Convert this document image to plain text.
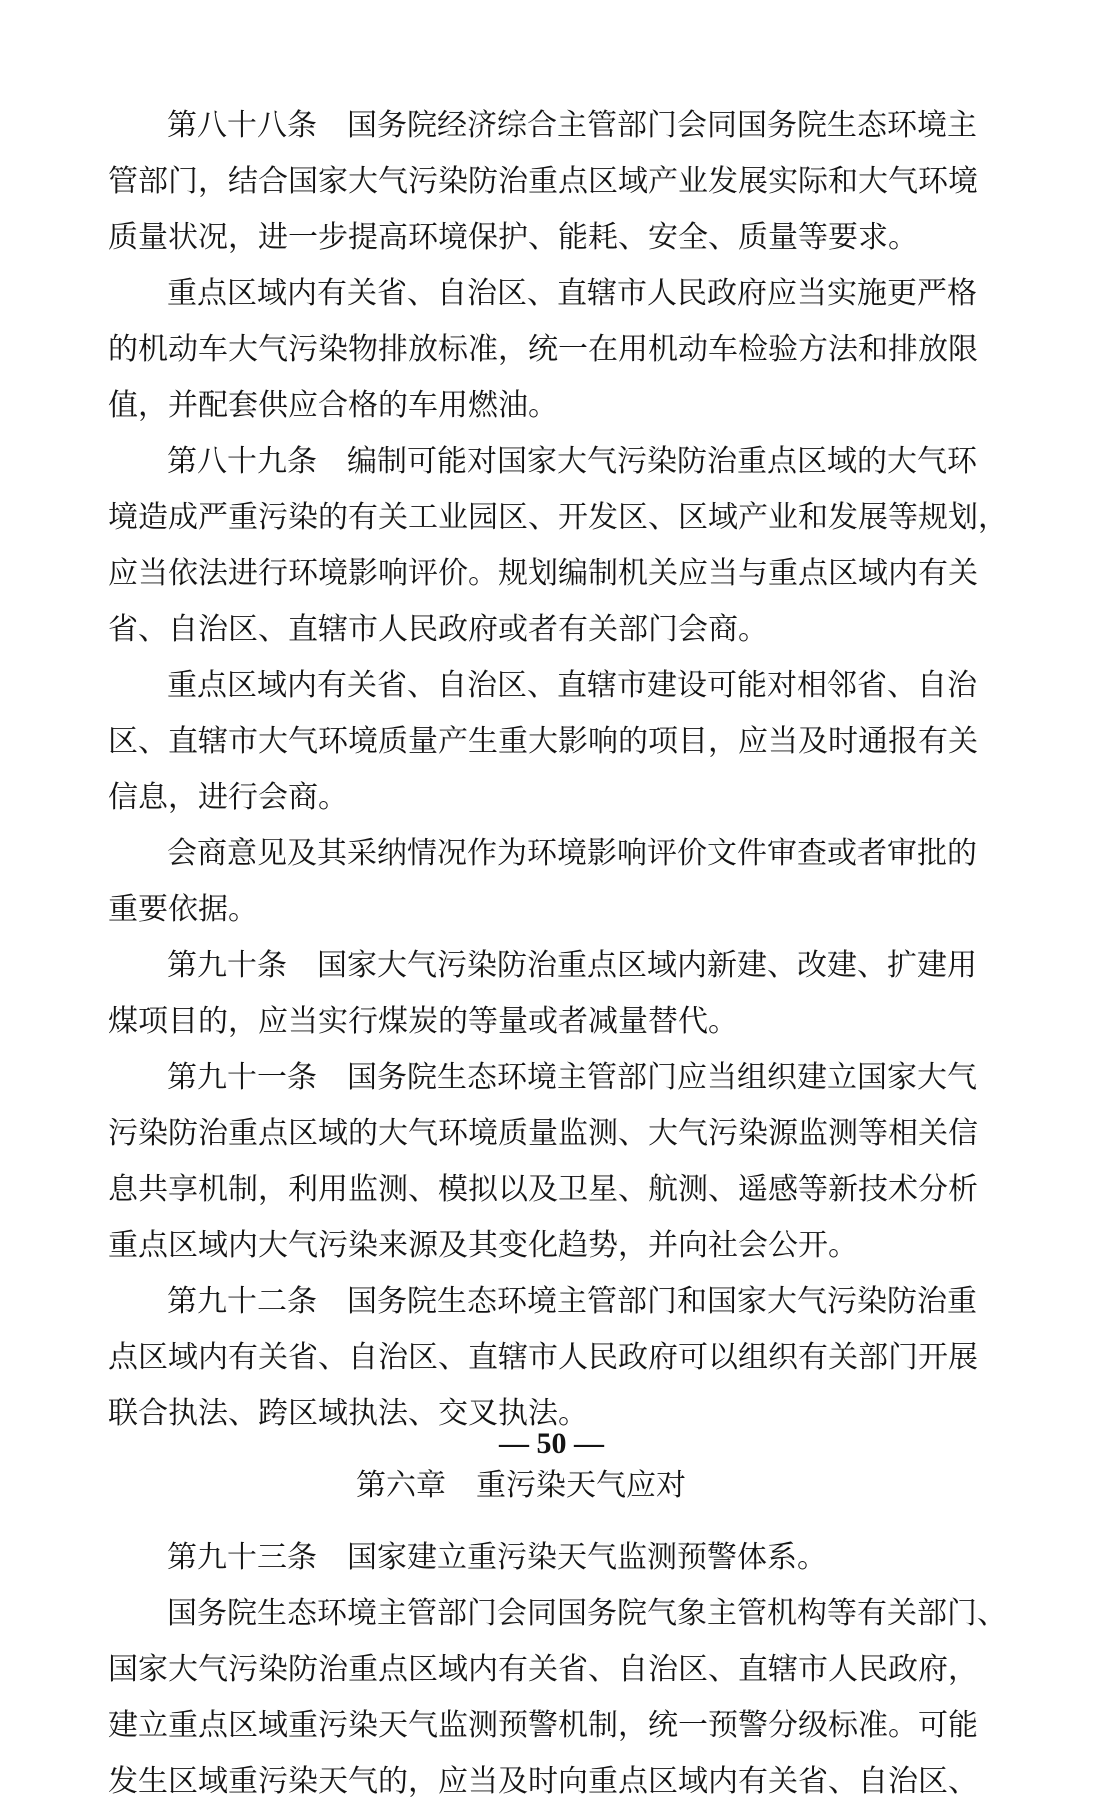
第八十八条　国务院经济综合主管部门会同国务院生态环境主
管部门，结合国家大气污染防治重点区域产业发展实际和大气环境
质量状况，进一步提高环境保护、能耗、安全、质量等要求。
重点区域内有关省、自治区、直辖市人民政府应当实施更严格
的机动车大气污染物排放标准，统一在用机动车检验方法和排放限
值，并配套供应合格的车用燃油。
第八十九条　编制可能对国家大气污染防治重点区域的大气环
境造成严重污染的有关工业园区、开发区、区域产业和发展等规划，
应当依法进行环境影响评价。规划编制机关应当与重点区域内有关
省、自治区、直辖市人民政府或者有关部门会商。
重点区域内有关省、自治区、直辖市建设可能对相邻省、自治
区、直辖市大气环境质量产生重大影响的项目，应当及时通报有关
信息，进行会商。
会商意见及其采纳情况作为环境影响评价文件审查或者审批的
重要依据。
第九十条　国家大气污染防治重点区域内新建、改建、扩建用
煤项目的，应当实行煤炭的等量或者减量替代。
第九十一条　国务院生态环境主管部门应当组织建立国家大气
污染防治重点区域的大气环境质量监测、大气污染源监测等相关信
息共享机制，利用监测、模拟以及卫星、航测、遥感等新技术分析
重点区域内大气污染来源及其变化趋势，并向社会公开。
第九十二条　国务院生态环境主管部门和国家大气污染防治重
点区域内有关省、自治区、直辖市人民政府可以组织有关部门开展
联合执法、跨区域执法、交叉执法。
第六章　重污染天气应对
第九十三条　国家建立重污染天气监测预警体系。
国务院生态环境主管部门会同国务院气象主管机构等有关部门、
国家大气污染防治重点区域内有关省、自治区、直辖市人民政府，
建立重点区域重污染天气监测预警机制，统一预警分级标准。可能
发生区域重污染天气的，应当及时向重点区域内有关省、自治区、
— 50 —
